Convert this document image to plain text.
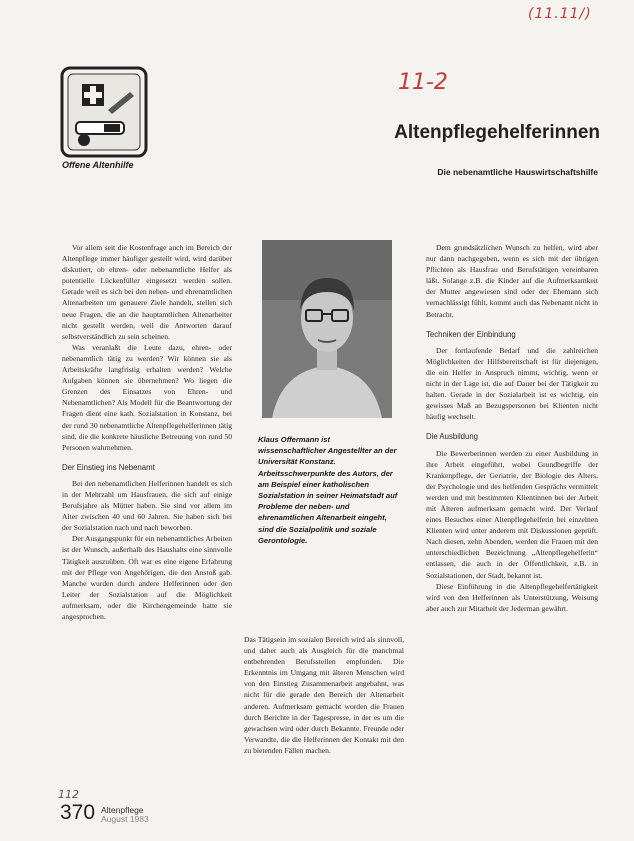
(11.11/)
11-2
Offene Altenhilfe
Altenpflegehelferinnen
Die nebenamtliche Hauswirtschaftshilfe

Vor allem seit die Kostenfrage auch im Bereich der Altenpflege immer häufiger gestellt wird, wird darüber diskutiert, ob ehren- oder nebenamtliche Helfer als potentielle Lückenfüller eingesetzt werden sollen. Gerade weil es sich bei den neben- und ehrenamtlichen Altenarbeiten um genauere Ziele handelt, stellen sich neue Fragen, die an die hauptamtlichen Altenarbeiter nicht gestellt werden, weil die Antworten darauf selbstverständlich zu sein scheinen.

Was veranlaßt die Leute dazu, ehren- oder nebenamtlich tätig zu werden? Wir können sie als Arbeitskräfte langfristig erhalten werden? Welche Aufgaben können sie übernehmen? Wo liegen die Grenzen des Einsatzes von Ehren- und Nebenamtlichen? Als Modell für die Beantwortung der Fragen dient eine kath. Sozialstation in Konstanz, bei der rund 30 nebenamtliche Altenpflegehelferinnen tätig sind, die die konkrete häusliche Betreuung von rund 50 Personen wahrnehmen.

Der Einstieg ins Nebenamt

Bei den nebenamtlichen Helferinnen handelt es sich in der Mehrzahl um Hausfrauen, die sich auf einige Berufsjahre als Mütter haben. Sie sind vor allem im Alter zwischen 40 und 60 Jahren. Sie haben sich bei der Sozialstation nach und nach beworben.

Der Ausgangspunkt für ein nebenamtliches Arbeiten ist der Wunsch, außerhalb des Haushalts eine sinnvolle Tätigkeit auszuüben. Oft war es eine eigene Erfahrung mit der Pflege von Angehörigen, die den Anstoß gab. Manche wurden durch andere Helferinnen oder den Leiter der Sozialstation auf die Möglichkeit aufmerksam, oder die Kirchengemeinde hatte sie angesprochen.

Klaus Offermann ist wissenschaftlicher Angestellter an der Universität Konstanz. Arbeitsschwerpunkte des Autors, der am Beispiel einer katholischen Sozialstation in seiner Heimatstadt auf Probleme der neben- und ehrenamtlichen Altenarbeit eingeht, sind die Sozialpolitik und soziale Gerontologie.

Das Tätigsein im sozialen Bereich wird als sinnvoll, und daher auch als Ausgleich für die manchmal entbehrenden Berufsstellen empfunden. Die Erkenntnis im Umgang mit älteren Menschen wird von den Einstieg Zusammenarbeit angebahnt, was nicht für die gerade den Bereich der Altenarbeit anderen. Aufmerksam gemacht worden die Frauen durch Berichte in der Tagespresse, in der es um die gewachsen wird oder durch Bekannte. Freunde oder Verwandte, die die Helferinnen der Kontakt mit den zu bietenden Fällen machen.

Dem grundsätzlichen Wunsch zu helfen, wird aber nur dann nachgegeben, wenn es sich mit der übrigen Pflichten als Hausfrau und Berufstätigen vereinbaren läßt. Solange z.B. die Kinder auf die Aufmerksamkeit der Mutter angewiesen sind oder der Ehemann sich vernachlässigt fühlt, kommt auch das Nebenamt nicht in Betracht.

Techniken der Einbindung

Der fortlaufende Bedarf und die zahlreichen Möglichkeiten der Hilfsbereitschaft ist für diejenigen, die ein Helfer in Anspruch nimmt, wichtig, wenn er nicht in der Lage ist, die auf Dauer bei der Tätigkeit zu halten. Gerade in der Sozialarbeit ist es wichtig, ein gewisses Maß an Bezugspersonen bei Klienten nicht häufig wechselt.

Die Ausbildung

Die Bewerberinnen werden zu einer Ausbildung in ihre Arbeit eingeführt, wobei Grundbegriffe der Krankenpflege, der Geriatrie, der Biologie des Alters, der Psychologie und des helfenden Gesprächs vermittelt werden und mit bestimmten Klientinnen bei der Arbeit mit Älteren aufmerksam gemacht wird. Der Verlauf eines Besuches einer Altenpflegehelferin bei einzelnen Klienten wird unter anderem mit Diskussionen geprüft. Nach diesen, zehn Abenden, werden die Frauen mit den unterschiedlichen Bezeichnung „Altenpflegehelferin“ entlassen, die auch in der Öffentlichkeit, z.B. in Sozialstationen, der Stadt, bekannt ist.

Diese Einführung in die Altenpflegehelfertätigkeit wird von den Helferinnen als Unterstützung, Weisung aber auch zur Mitarbeit der Jederman gewährt.

112
370 Altenpflege
August 1983
